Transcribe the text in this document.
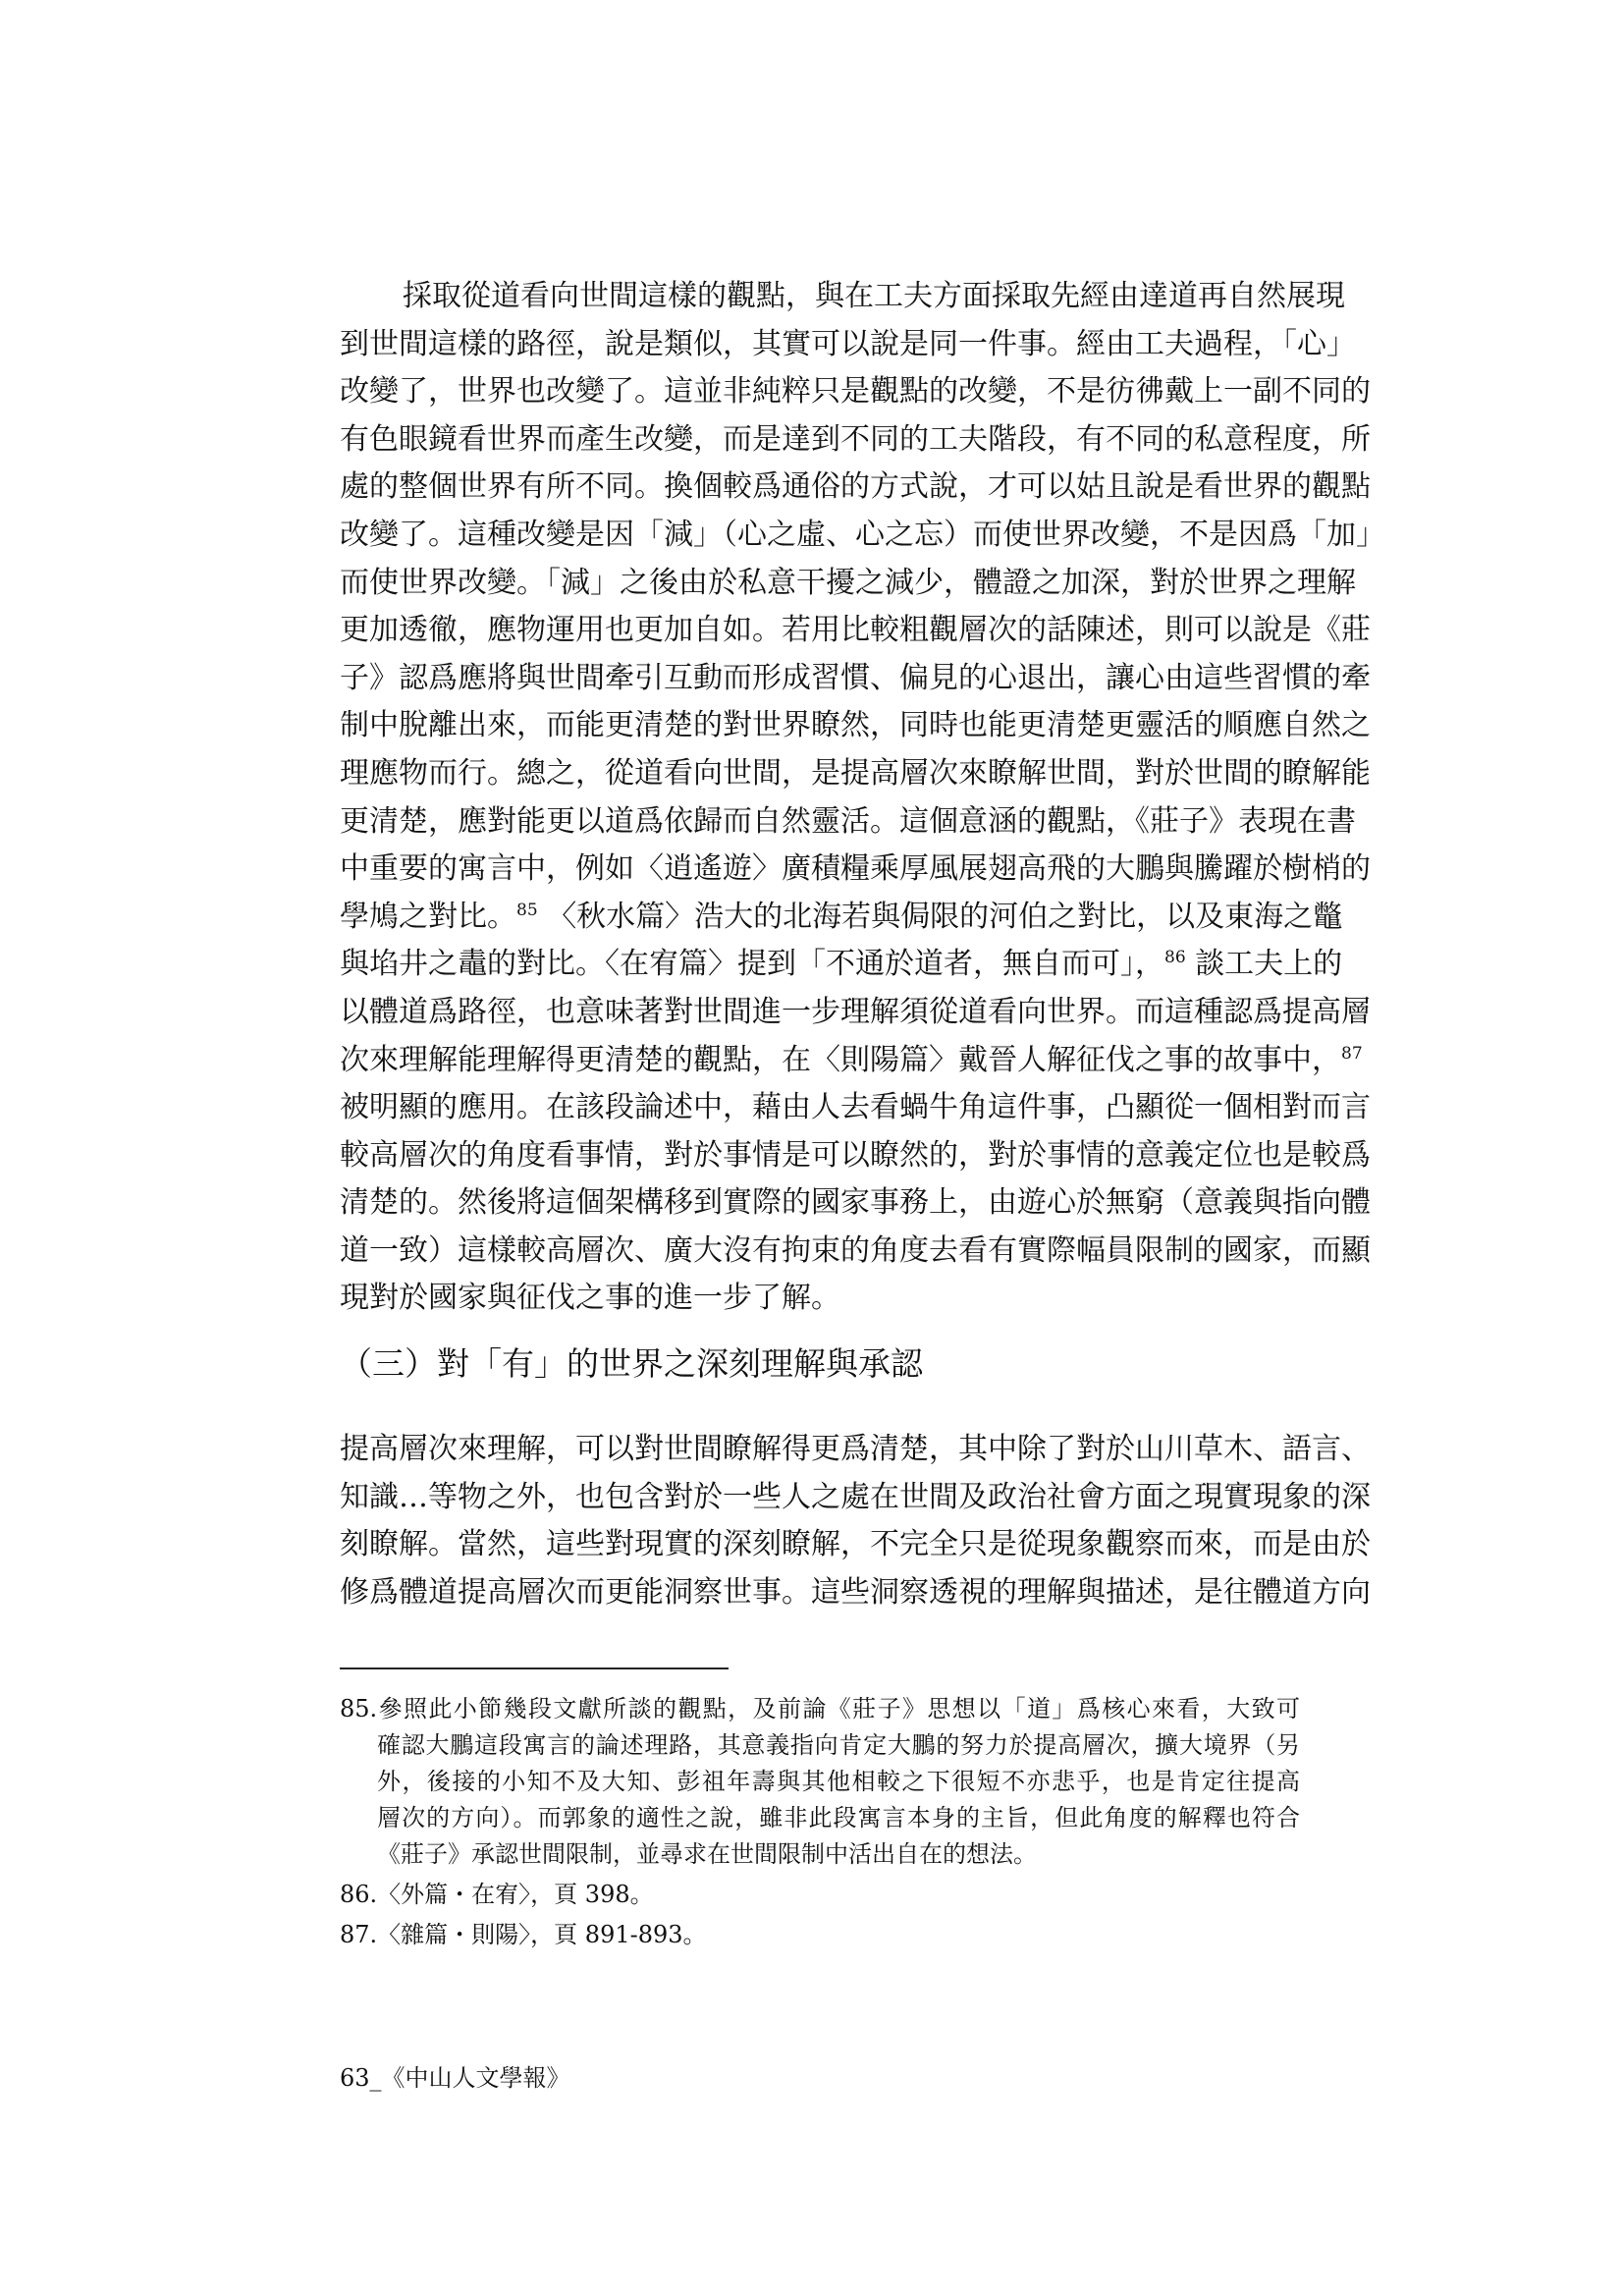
採取從道看向世間這樣的觀點，與在工夫方面採取先經由達道再自然展現
到世間這樣的路徑，說是類似，其實可以說是同一件事。經由工夫過程，「心」
改變了，世界也改變了。這並非純粹只是觀點的改變，不是彷彿戴上一副不同的
有色眼鏡看世界而產生改變，而是達到不同的工夫階段，有不同的私意程度，所
處的整個世界有所不同。換個較爲通俗的方式說，才可以姑且說是看世界的觀點
改變了。這種改變是因「減」（心之虛、心之忘）而使世界改變，不是因爲「加」
而使世界改變。「減」之後由於私意干擾之減少，體證之加深，對於世界之理解
更加透徹，應物運用也更加自如。若用比較粗觀層次的話陳述，則可以說是《莊
子》認爲應將與世間牽引互動而形成習慣、偏見的心退出，讓心由這些習慣的牽
制中脫離出來，而能更清楚的對世界瞭然，同時也能更清楚更靈活的順應自然之
理應物而行。總之，從道看向世間，是提高層次來瞭解世間，對於世間的瞭解能
更清楚，應對能更以道爲依歸而自然靈活。這個意涵的觀點，《莊子》表現在書
中重要的寓言中，例如〈逍遙遊〉廣積糧乘厚風展翅高飛的大鵬與騰躍於樹梢的
學鳩之對比。$^{85}$ 〈秋水篇〉浩大的北海若與侷限的河伯之對比，以及東海之鼈
與埳井之鼃的對比。〈在宥篇〉提到「不通於道者，無自而可」，$^{86}$ 談工夫上的
以體道爲路徑，也意味著對世間進一步理解須從道看向世界。而這種認爲提高層
次來理解能理解得更清楚的觀點，在〈則陽篇〉戴晉人解征伐之事的故事中，$^{87}$
被明顯的應用。在該段論述中，藉由人去看蝸牛角這件事，凸顯從一個相對而言
較高層次的角度看事情，對於事情是可以瞭然的，對於事情的意義定位也是較爲
清楚的。然後將這個架構移到實際的國家事務上，由遊心於無窮（意義與指向體
道一致）這樣較高層次、廣大沒有拘束的角度去看有實際幅員限制的國家，而顯
現對於國家與征伐之事的進一步了解。
（三）對「有」的世界之深刻理解與承認
提高層次來理解，可以對世間瞭解得更爲清楚，其中除了對於山川草木、語言、
知識…等物之外，也包含對於一些人之處在世間及政治社會方面之現實現象的深
刻瞭解。當然，這些對現實的深刻瞭解，不完全只是從現象觀察而來，而是由於
修爲體道提高層次而更能洞察世事。這些洞察透視的理解與描述，是往體道方向
85.參照此小節幾段文獻所談的觀點，及前論《莊子》思想以「道」爲核心來看，大致可
確認大鵬這段寓言的論述理路，其意義指向肯定大鵬的努力於提高層次，擴大境界（另
外，後接的小知不及大知、彭祖年壽與其他相較之下很短不亦悲乎，也是肯定往提高
層次的方向）。而郭象的適性之說，雖非此段寓言本身的主旨，但此角度的解釋也符合
《莊子》承認世間限制，並尋求在世間限制中活出自在的想法。
86.〈外篇・在宥〉，頁 398。
87.〈雜篇・則陽〉，頁 891-893。
63_《中山人文學報》
